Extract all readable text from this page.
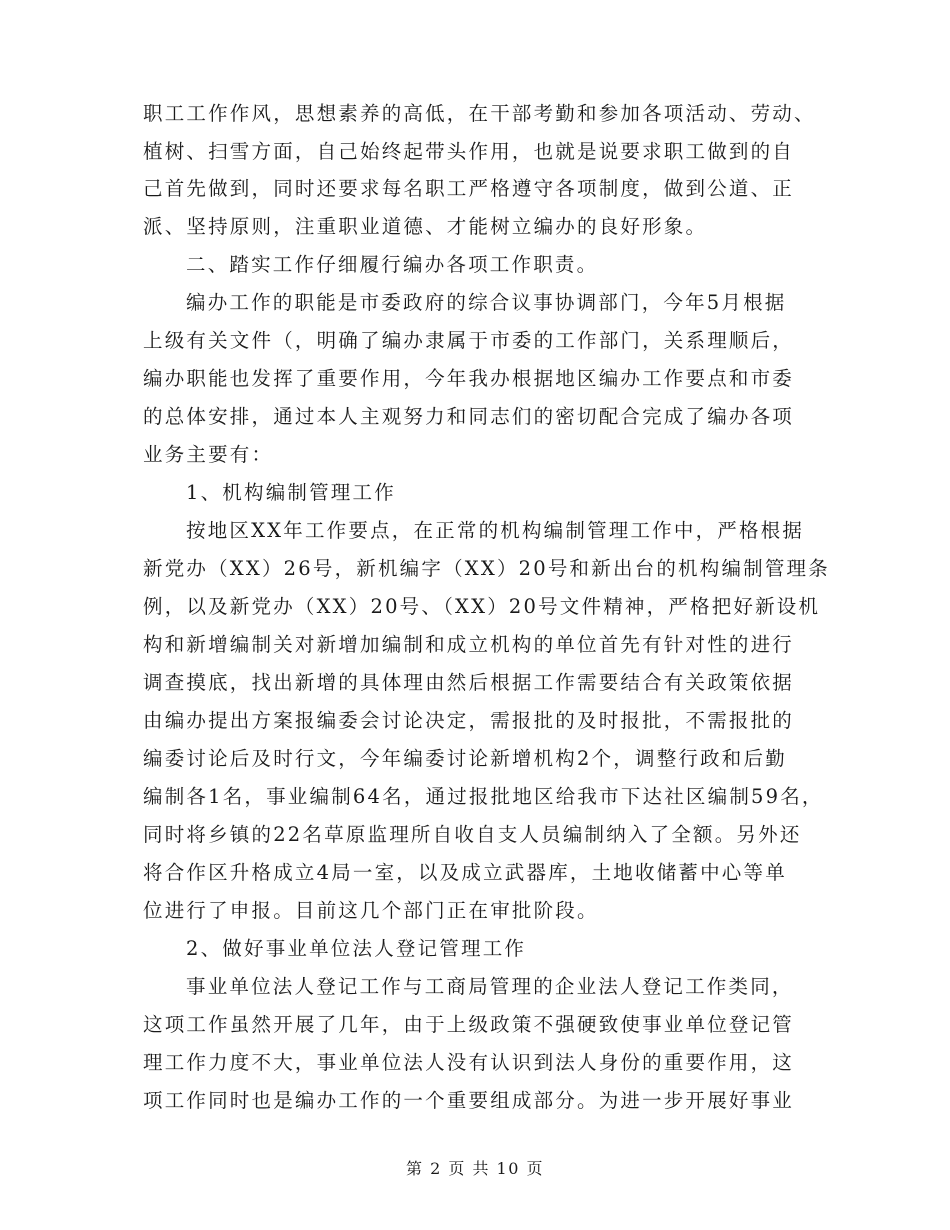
职工工作作风，思想素养的高低，在干部考勤和参加各项活动、劳动、
植树、扫雪方面，自己始终起带头作用，也就是说要求职工做到的自
己首先做到，同时还要求每名职工严格遵守各项制度，做到公道、正
派、坚持原则，注重职业道德、才能树立编办的良好形象。
二、踏实工作仔细履行编办各项工作职责。
编办工作的职能是市委政府的综合议事协调部门，今年5月根据
上级有关文件（，明确了编办隶属于市委的工作部门，关系理顺后，
编办职能也发挥了重要作用，今年我办根据地区编办工作要点和市委
的总体安排，通过本人主观努力和同志们的密切配合完成了编办各项
业务主要有：
1、机构编制管理工作
按地区XX年工作要点，在正常的机构编制管理工作中，严格根据
新党办（XX）26号，新机编字（XX）20号和新出台的机构编制管理条
例，以及新党办（XX）20号、（XX）20号文件精神，严格把好新设机
构和新增编制关对新增加编制和成立机构的单位首先有针对性的进行
调查摸底，找出新增的具体理由然后根据工作需要结合有关政策依据
由编办提出方案报编委会讨论决定，需报批的及时报批，不需报批的
编委讨论后及时行文，今年编委讨论新增机构2个，调整行政和后勤
编制各1名，事业编制64名，通过报批地区给我市下达社区编制59名，
同时将乡镇的22名草原监理所自收自支人员编制纳入了全额。另外还
将合作区升格成立4局一室，以及成立武器库，土地收储蓄中心等单
位进行了申报。目前这几个部门正在审批阶段。
2、做好事业单位法人登记管理工作
事业单位法人登记工作与工商局管理的企业法人登记工作类同，
这项工作虽然开展了几年，由于上级政策不强硬致使事业单位登记管
理工作力度不大，事业单位法人没有认识到法人身份的重要作用，这
项工作同时也是编办工作的一个重要组成部分。为进一步开展好事业
第 2 页 共 10 页
